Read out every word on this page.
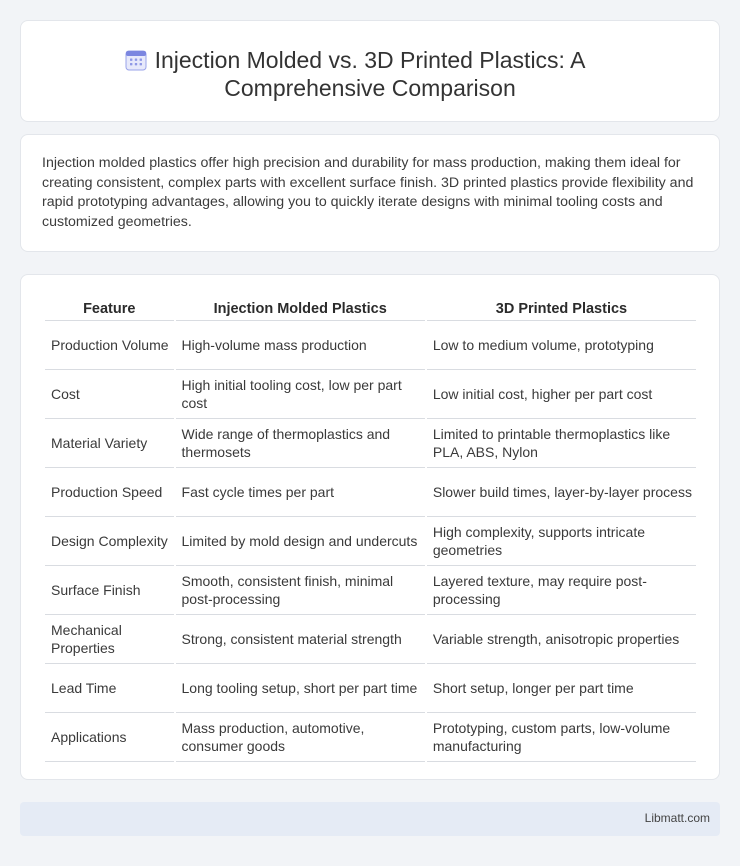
Injection Molded vs. 3D Printed Plastics: A Comprehensive Comparison

Injection molded plastics offer high precision and durability for mass production, making them ideal for creating consistent, complex parts with excellent surface finish. 3D printed plastics provide flexibility and rapid prototyping advantages, allowing you to quickly iterate designs with minimal tooling costs and customized geometries.

Feature	Injection Molded Plastics	3D Printed Plastics
Production Volume	High-volume mass production	Low to medium volume, prototyping
Cost	High initial tooling cost, low per part cost	Low initial cost, higher per part cost
Material Variety	Wide range of thermoplastics and thermosets	Limited to printable thermoplastics like PLA, ABS, Nylon
Production Speed	Fast cycle times per part	Slower build times, layer-by-layer process
Design Complexity	Limited by mold design and undercuts	High complexity, supports intricate geometries
Surface Finish	Smooth, consistent finish, minimal post-processing	Layered texture, may require post-processing
Mechanical Properties	Strong, consistent material strength	Variable strength, anisotropic properties
Lead Time	Long tooling setup, short per part time	Short setup, longer per part time
Applications	Mass production, automotive, consumer goods	Prototyping, custom parts, low-volume manufacturing
Libmatt.com
